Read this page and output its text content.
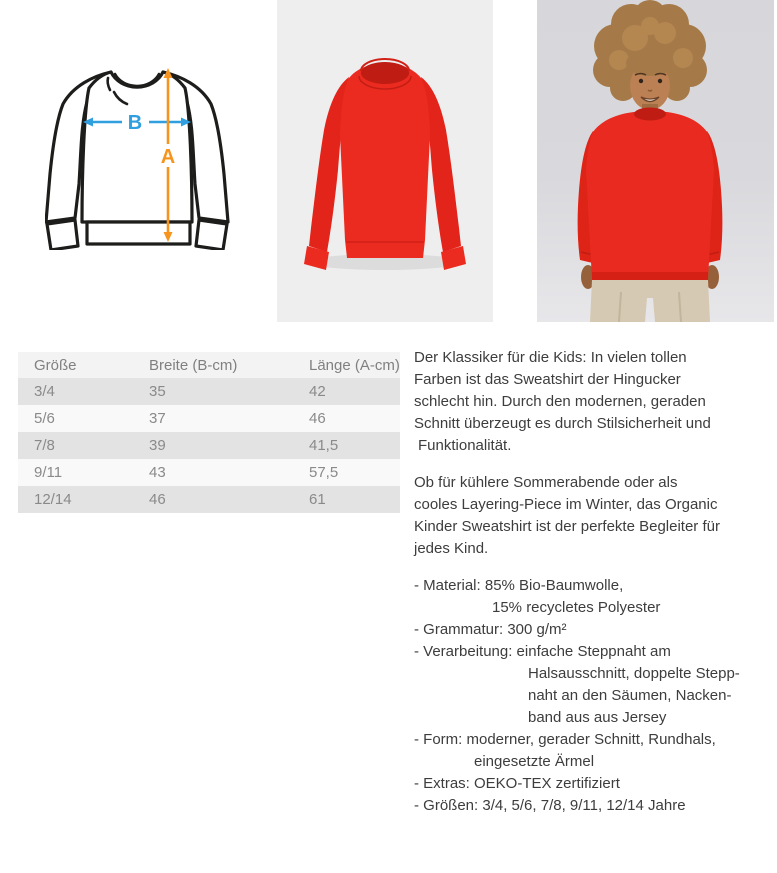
B
A
Größe	Breite (B-cm)	Länge (A-cm)
3/4	35	42
5/6	37	46
7/8	39	41,5
9/11	43	57,5
12/14	46	61
Der Klassiker für die Kids: In vielen tollen
Farben ist das Sweatshirt der Hingucker
schlecht hin. Durch den modernen, geraden
Schnitt überzeugt es durch Stilsicherheit und
Funktionalität.
Ob für kühlere Sommerabende oder als
cooles Layering-Piece im Winter, das Organic
Kinder Sweatshirt ist der perfekte Begleiter für
jedes Kind.
- Material: 85% Bio-Baumwolle,
15% recycletes Polyester
- Grammatur: 300 g/m²
- Verarbeitung: einfache Steppnaht am
Halsausschnitt, doppelte Stepp-
naht an den Säumen, Nacken-
band aus aus Jersey
- Form: moderner, gerader Schnitt, Rundhals,
eingesetzte Ärmel
- Extras: OEKO-TEX zertifiziert
- Größen: 3/4, 5/6, 7/8, 9/11, 12/14 Jahre
